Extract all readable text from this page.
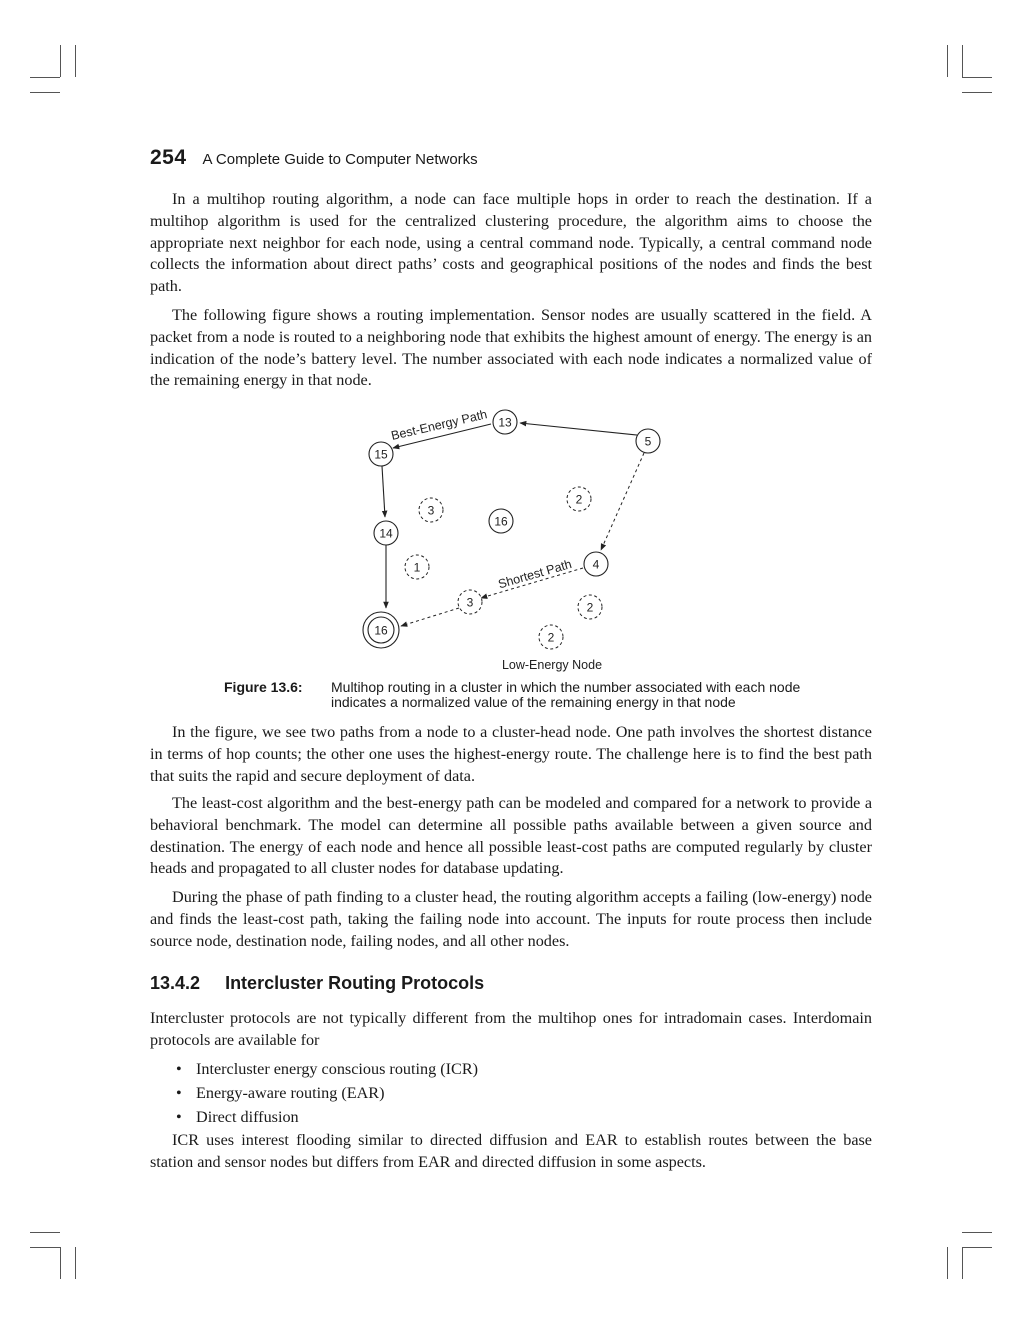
254 A Complete Guide to Computer Networks

In a multihop routing algorithm, a node can face multiple hops in order to reach the destination. If a multihop algorithm is used for the centralized clustering procedure, the algorithm aims to choose the appropriate next neighbor for each node, using a central command node. Typically, a central command node collects the information about direct paths’ costs and geographical positions of the nodes and finds the best path.

The following figure shows a routing implementation. Sensor nodes are usually scattered in the field. A packet from a node is routed to a neighboring node that exhibits the highest amount of energy. The energy is an indication of the node’s battery level. The number associated with each node indicates a normalized value of the remaining energy in that node.

13
5
15
14
16
16
4
3
2
1
3	2
2
Best-Energy Path
Shortest Path
Low-Energy Node
Figure 13.6: Multihop routing in a cluster in which the number associated with each node indicates a normalized value of the remaining energy in that node

In the figure, we see two paths from a node to a cluster-head node. One path involves the shortest distance in terms of hop counts; the other one uses the highest-energy route. The challenge here is to find the best path that suits the rapid and secure deployment of data.

The least-cost algorithm and the best-energy path can be modeled and compared for a network to provide a behavioral benchmark. The model can determine all possible paths available between a given source and destination. The energy of each node and hence all possible least-cost paths are computed regularly by cluster heads and propagated to all cluster nodes for database updating.

During the phase of path finding to a cluster head, the routing algorithm accepts a failing (low-energy) node and finds the least-cost path, taking the failing node into account. The inputs for route process then include source node, destination node, failing nodes, and all other nodes.

13.4.2 Intercluster Routing Protocols

Intercluster protocols are not typically different from the multihop ones for intradomain cases. Interdomain protocols are available for

• Intercluster energy conscious routing (ICR)
• Energy-aware routing (EAR)
• Direct diffusion

ICR uses interest flooding similar to directed diffusion and EAR to establish routes between the base station and sensor nodes but differs from EAR and directed diffusion in some aspects.
